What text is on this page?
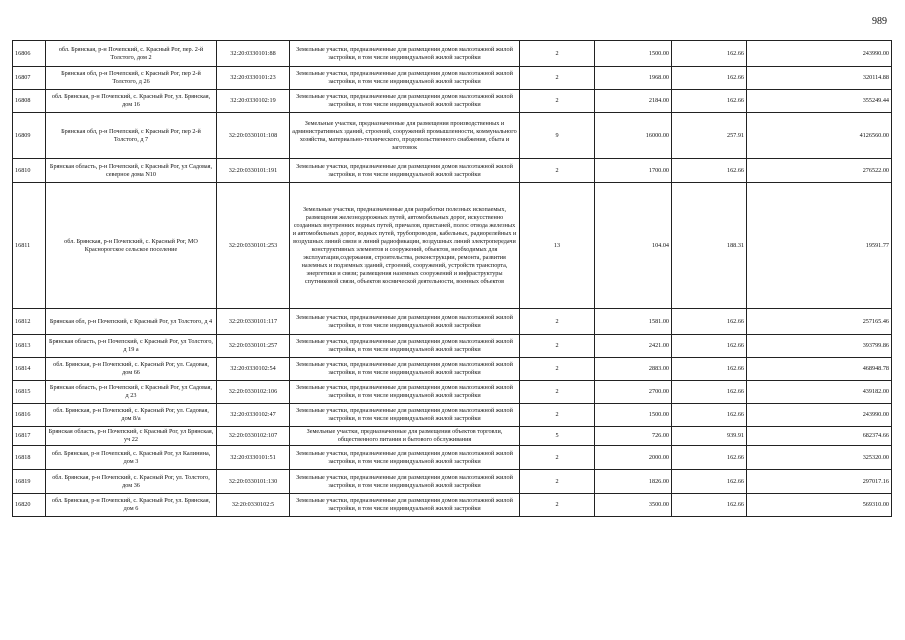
989
16806	обл. Брянская, р-н Почепский, с. Красный Рог, пер. 2-й Толстого, дом 2	32:20:0330101:88	Земельные участки, предназначенные для размещения домов малоэтажной жилой застройки, в том числе индивидуальной жилой застройки	2	1500.00	162.66	243990.00
16807	Брянская обл, р-н Почепский, с Красный Рог, пер 2-й Толстого, д 26	32:20:0330101:23	Земельные участки, предназначенные для размещения домов малоэтажной жилой застройки, в том числе индивидуальной жилой застройки	2	1968.00	162.66	320114.88
16808	обл. Брянская, р-н Почепский, с. Красный Рог, ул. Брянская, дом 16	32:20:0330102:19	Земельные участки, предназначенные для размещения домов малоэтажной жилой застройки, в том числе индивидуальной жилой застройки	2	2184.00	162.66	355249.44
16809	Брянская обл, р-н Почепский, с Красный Рог, пер 2-й Толстого, д 7	32:20:0330101:108	Земельные участки, предназначенные для размещения производственных и административных зданий, строений, сооружений промышленности, коммунального хозяйства, материально-технического, продовольственного снабжения, сбыта и заготовок	9	16000.00	257.91	4126560.00
16810	Брянская область, р-н Почепский, с Красный Рог, ул Садовая, северное дома N10	32:20:0330101:191	Земельные участки, предназначенные для размещения домов малоэтажной жилой застройки, в том числе индивидуальной жилой застройки	2	1700.00	162.66	276522.00
16811	обл. Брянская, р-н Почепский, с. Красный Рог, МО Краснорогское сельское поселение	32:20:0330101:253	Земельные участки, предназначенные для разработки полезных ископаемых, размещения железнодорожных путей, автомобильных дорог, искусственно созданных внутренних водных путей, причалов, пристаней, полос отвода железных и автомобильных дорог, водных путей, трубопроводов, кабельных, радиорелейных и воздушных линий связи и линий радиофикации, воздушных линий электропередачи конструктивных элементов и сооружений, объектов, необходимых для эксплуатации,содержания, строительства, реконструкции, ремонта, развития наземных и подземных зданий, строений, сооружений, устройств транспорта, энергетики и связи; размещения наземных сооружений и инфраструктуры спутниковой связи, объектов космической деятельности, военных объектов	13	104.04	188.31	19591.77
16812	Брянская обл, р-н Почепский, с Красный Рог, ул Толстого, д 4	32:20:0330101:117	Земельные участки, предназначенные для размещения домов малоэтажной жилой застройки, в том числе индивидуальной жилой застройки	2	1581.00	162.66	257165.46
16813	Брянская область, р-н Почепский, с Красный Рог, ул Толстого, д 19 а	32:20:0330101:257	Земельные участки, предназначенные для размещения домов малоэтажной жилой застройки, в том числе индивидуальной жилой застройки	2	2421.00	162.66	393799.86
16814	обл. Брянская, р-н Почепский, с. Красный Рог, ул. Садовая, дом 66	32:20:0330102:54	Земельные участки, предназначенные для размещения домов малоэтажной жилой застройки, в том числе индивидуальной жилой застройки	2	2883.00	162.66	468948.78
16815	Брянская область, р-н Почепский, с Красный Рог, ул Садовая, д 23	32:20:0330102:106	Земельные участки, предназначенные для размещения домов малоэтажной жилой застройки, в том числе индивидуальной жилой застройки	2	2700.00	162.66	439182.00
16816	обл. Брянская, р-н Почепский, с. Красный Рог, ул. Садовая, дом 8/а	32:20:0330102:47	Земельные участки, предназначенные для размещения домов малоэтажной жилой застройки, в том числе индивидуальной жилой застройки	2	1500.00	162.66	243990.00
16817	Брянская область, р-н Почепский, с Красный Рог, ул Брянская, уч 22	32:20:0330102:107	Земельные участки, предназначенные для размещения объектов торговли, общественного питания и бытового обслуживания	5	726.00	939.91	682374.66
16818	обл. Брянская, р-н Почепский, с. Красный Рог, ул Калинина, дом 3	32:20:0330101:51	Земельные участки, предназначенные для размещения домов малоэтажной жилой застройки, в том числе индивидуальной жилой застройки	2	2000.00	162.66	325320.00
16819	обл. Брянская, р-н Почепский, с. Красный Рог, ул. Толстого, дом 36	32:20:0330101:130	Земельные участки, предназначенные для размещения домов малоэтажной жилой застройки, в том числе индивидуальной жилой застройки	2	1826.00	162.66	297017.16
16820	обл. Брянская, р-н Почепский, с. Красный Рог, ул. Брянская, дом 6	32:20:0330102:5	Земельные участки, предназначенные для размещения домов малоэтажной жилой застройки, в том числе индивидуальной жилой застройки	2	3500.00	162.66	569310.00
